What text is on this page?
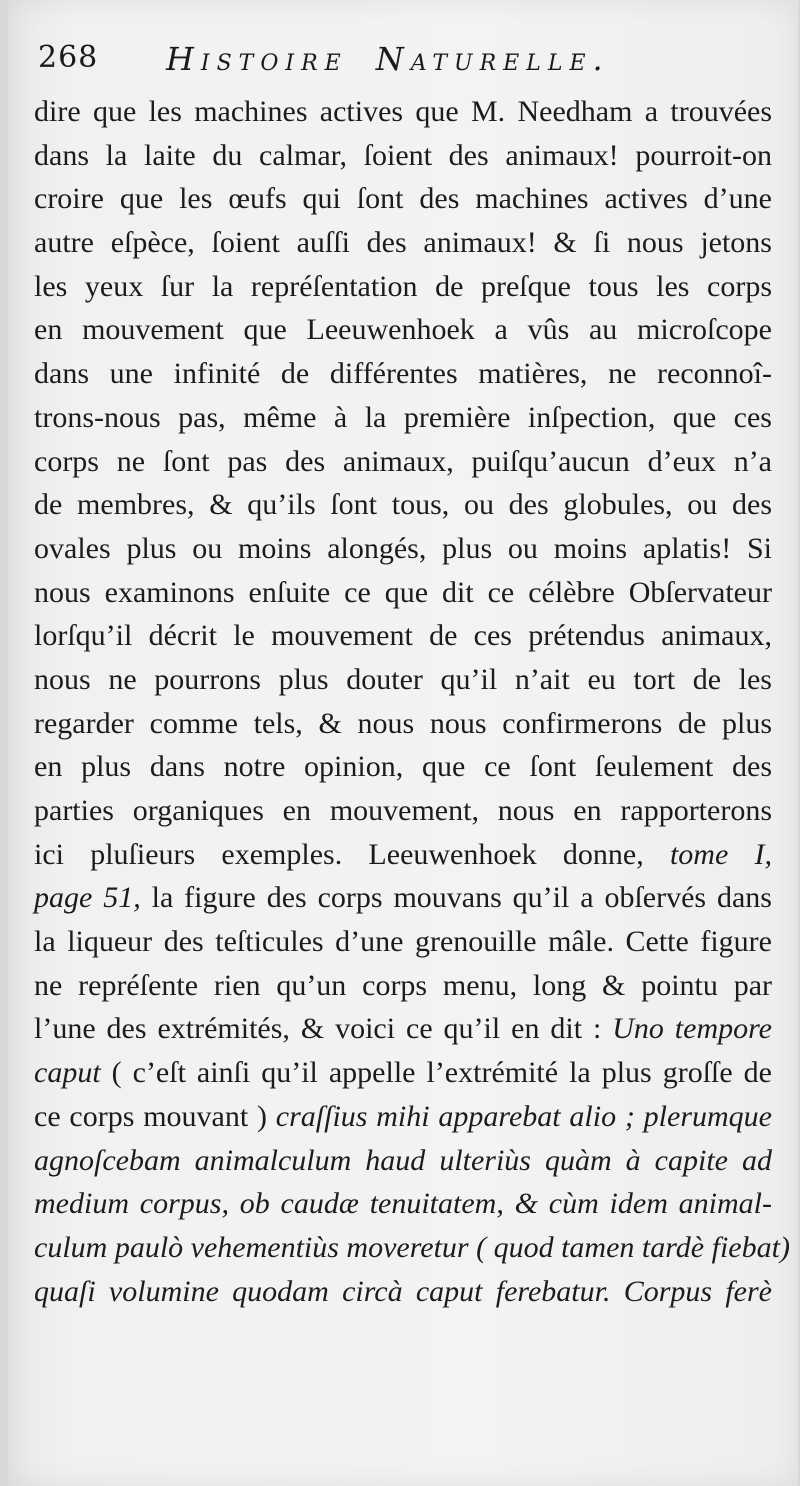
268 Histoire Naturelle.
dire que les machines actives que M. Needham a trouvées
dans la laite du calmar, ſoient des animaux! pourroit-on
croire que les œufs qui ſont des machines actives d’une
autre eſpèce, ſoient auſſi des animaux! & ſi nous jetons
les yeux ſur la repréſentation de preſque tous les corps
en mouvement que Leeuwenhoek a vûs au microſcope
dans une infinité de différentes matières, ne reconnoî-
trons-nous pas, même à la première inſpection, que ces
corps ne ſont pas des animaux, puiſqu’aucun d’eux n’a
de membres, & qu’ils ſont tous, ou des globules, ou des
ovales plus ou moins alongés, plus ou moins aplatis! Si
nous examinons enſuite ce que dit ce célèbre Obſervateur
lorſqu’il décrit le mouvement de ces prétendus animaux,
nous ne pourrons plus douter qu’il n’ait eu tort de les
regarder comme tels, & nous nous confirmerons de plus
en plus dans notre opinion, que ce ſont ſeulement des
parties organiques en mouvement, nous en rapporterons
ici pluſieurs exemples. Leeuwenhoek donne, tome I,
page 51, la figure des corps mouvans qu’il a obſervés dans
la liqueur des teſticules d’une grenouille mâle. Cette figure
ne repréſente rien qu’un corps menu, long & pointu par
l’une des extrémités, & voici ce qu’il en dit : Uno tempore
caput ( c’eſt ainſi qu’il appelle l’extrémité la plus groſſe de
ce corps mouvant ) craſſius mihi apparebat alio ; plerumque
agnoſcebam animalculum haud ulteriùs quàm à capite ad
medium corpus, ob caudæ tenuitatem, & cùm idem animal-
culum paulò vehementiùs moveretur ( quod tamen tardè fiebat)
quaſi volumine quodam circà caput ferebatur. Corpus ferè
